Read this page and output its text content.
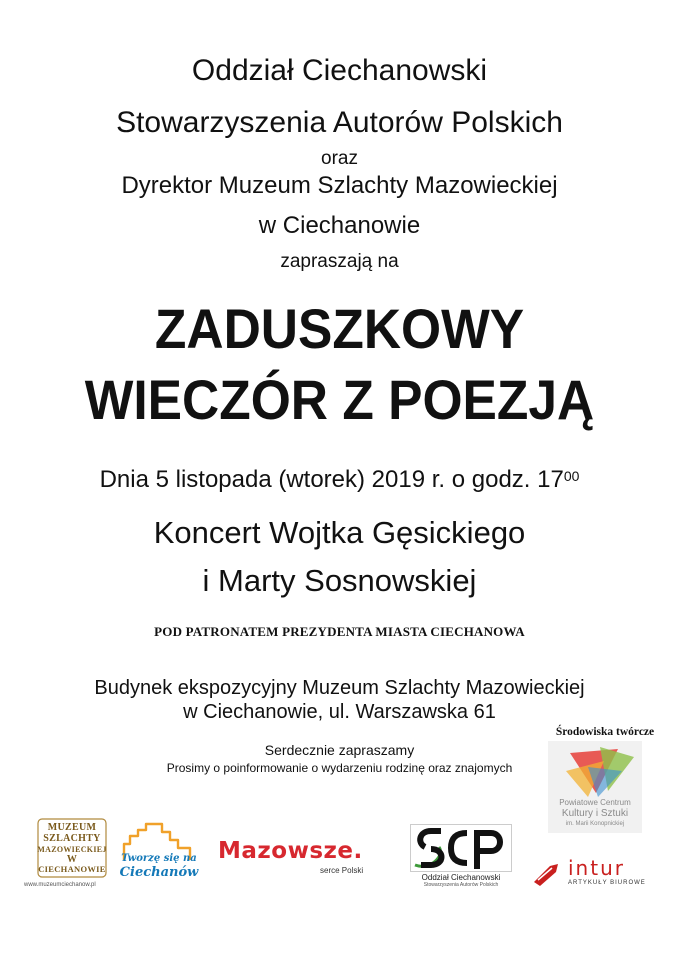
Oddział Ciechanowski
Stowarzyszenia Autorów Polskich
oraz
Dyrektor Muzeum Szlachty Mazowieckiej
w Ciechanowie
zapraszają na
ZADUSZKOWY
WIECZÓR Z POEZJĄ
Dnia 5 listopada (wtorek) 2019 r. o godz. $17^{00}$
Koncert Wojtka Gęsickiego
i Marty Sosnowskiej
POD PATRONATEM PREZYDENTA MIASTA CIECHANOWA
Budynek ekspozycyjny Muzeum Szlachty Mazowieckiej
w Ciechanowie, ul. Warszawska 61
Serdecznie zapraszamy
Prosimy o poinformowanie o wydarzeniu rodzinę oraz znajomych
Środowiska twórcze
Powiatowe Centrum
Kultury i Sztuki
im. Marii Konopnickiej
MUZEUM
SZLACHTY
MAZOWIECKIEJ
W
CIECHANOWIE
www.muzeumciechanow.pl
Tworzę się na
Ciechanów
Mazowsze.
serce Polski
Oddział Ciechanowski
Stowarzyszenia Autorów Polskich
intur
ARTYKUŁY BIUROWE
